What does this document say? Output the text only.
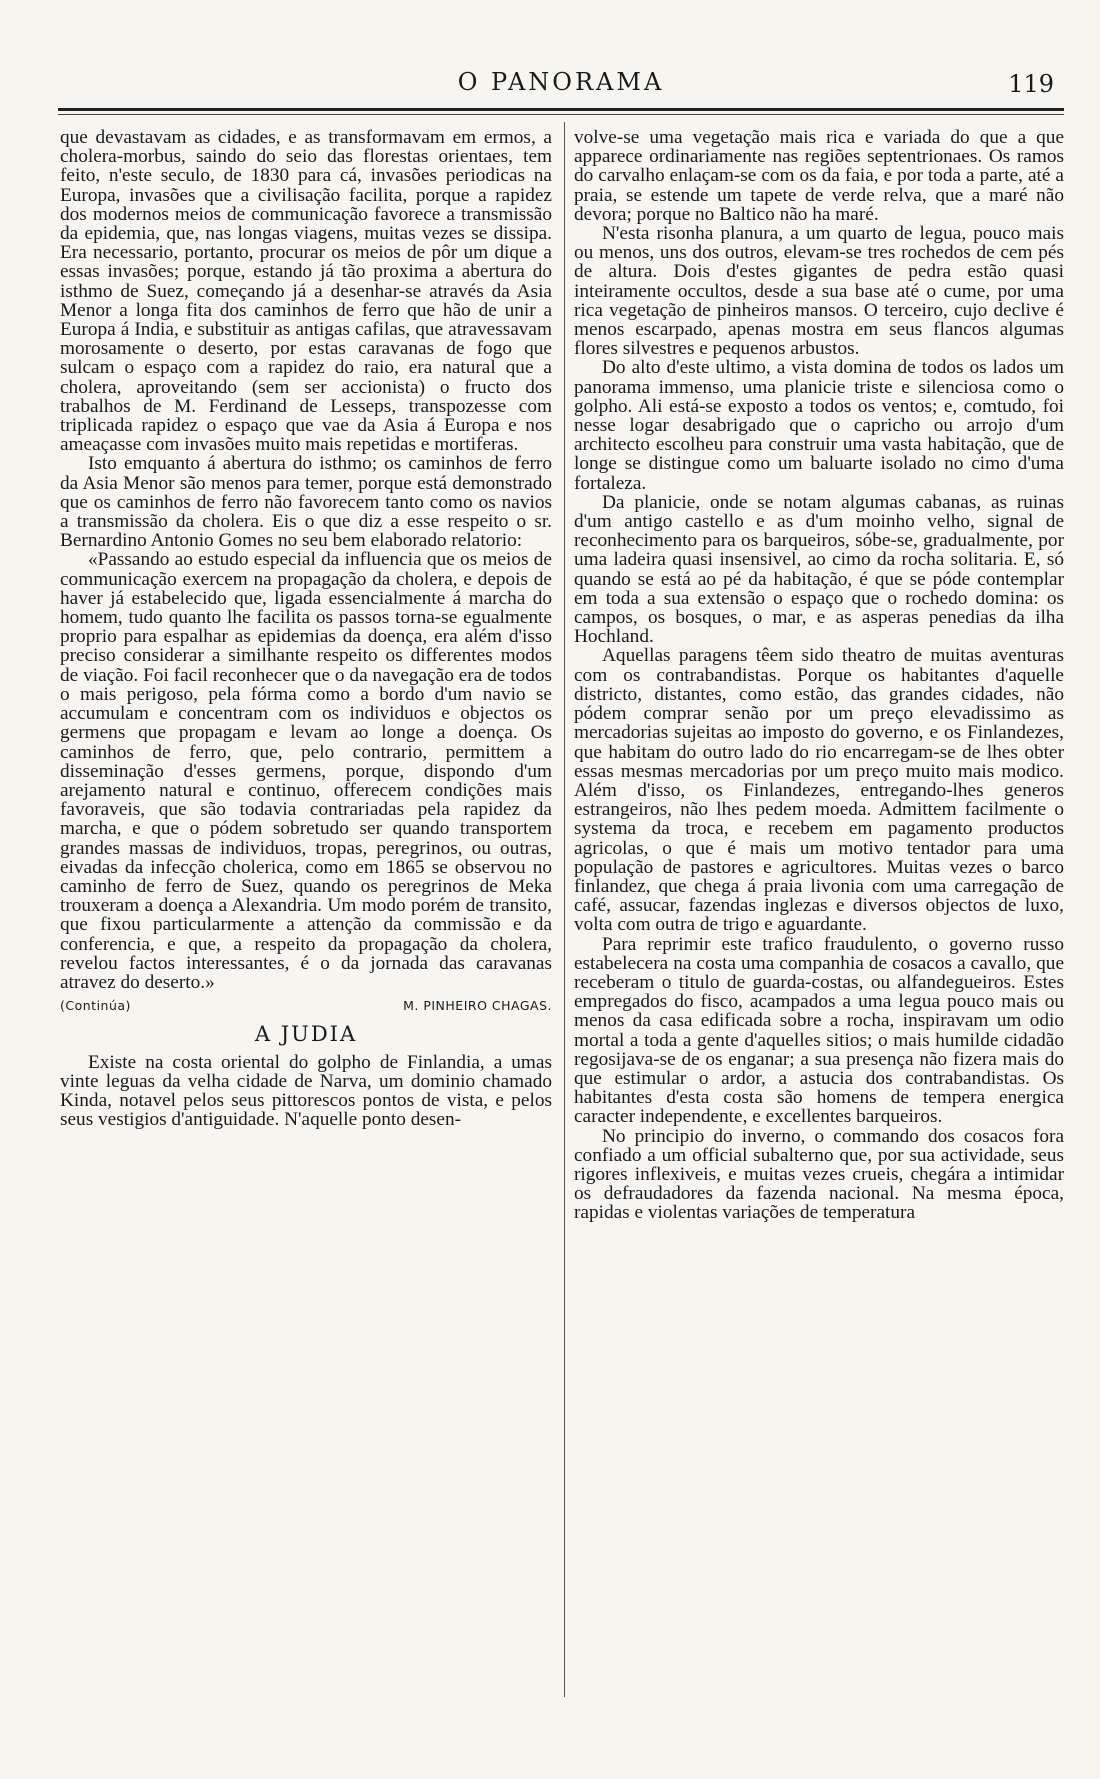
O PANORAMA	119

que devastavam as cidades, e as transformavam em ermos, a cholera-morbus, saindo do seio das florestas orientaes, tem feito, n'este seculo, de 1830 para cá, invasões periodicas na Europa, invasões que a civilisação facilita, porque a rapidez dos modernos meios de communicação favorece a transmissão da epidemia, que, nas longas viagens, muitas vezes se dissipa. Era necessario, portanto, procurar os meios de pôr um dique a essas invasões; porque, estando já tão proxima a abertura do isthmo de Suez, começando já a desenhar-se através da Asia Menor a longa fita dos caminhos de ferro que hão de unir a Europa á India, e substituir as antigas cafilas, que atravessavam morosamente o deserto, por estas caravanas de fogo que sulcam o espaço com a rapidez do raio, era natural que a cholera, aproveitando (sem ser accionista) o fructo dos trabalhos de M. Ferdinand de Lesseps, transpozesse com triplicada rapidez o espaço que vae da Asia á Europa e nos ameaçasse com invasões muito mais repetidas e mortiferas.

Isto emquanto á abertura do isthmo; os caminhos de ferro da Asia Menor são menos para temer, porque está demonstrado que os caminhos de ferro não favorecem tanto como os navios a transmissão da cholera. Eis o que diz a esse respeito o sr. Bernardino Antonio Gomes no seu bem elaborado relatorio:

«Passando ao estudo especial da influencia que os meios de communicação exercem na propagação da cholera, e depois de haver já estabelecido que, ligada essencialmente á marcha do homem, tudo quanto lhe facilita os passos torna-se egualmente proprio para espalhar as epidemias da doença, era além d'isso preciso considerar a similhante respeito os differentes modos de viação. Foi facil reconhecer que o da navegação era de todos o mais perigoso, pela fórma como a bordo d'um navio se accumulam e concentram com os individuos e objectos os germens que propagam e levam ao longe a doença. Os caminhos de ferro, que, pelo contrario, permittem a disseminação d'esses germens, porque, dispondo d'um arejamento natural e continuo, offerecem condições mais favoraveis, que são todavia contrariadas pela rapidez da marcha, e que o pódem sobretudo ser quando transportem grandes massas de individuos, tropas, peregrinos, ou outras, eivadas da infecção cholerica, como em 1865 se observou no caminho de ferro de Suez, quando os peregrinos de Meka trouxeram a doença a Alexandria. Um modo porém de transito, que fixou particularmente a attenção da commissão e da conferencia, e que, a respeito da propagação da cholera, revelou factos interessantes, é o da jornada das caravanas atravez do deserto.»

(Continúa)	M. PINHEIRO CHAGAS.
A JUDIA

Existe na costa oriental do golpho de Finlandia, a umas vinte leguas da velha cidade de Narva, um dominio chamado Kinda, notavel pelos seus pittorescos pontos de vista, e pelos seus vestigios d'antiguidade. N'aquelle ponto desen-

volve-se uma vegetação mais rica e variada do que a que apparece ordinariamente nas regiões septentrionaes. Os ramos do carvalho enlaçam-se com os da faia, e por toda a parte, até a praia, se estende um tapete de verde relva, que a maré não devora; porque no Baltico não ha maré.

N'esta risonha planura, a um quarto de legua, pouco mais ou menos, uns dos outros, elevam-se tres rochedos de cem pés de altura. Dois d'estes gigantes de pedra estão quasi inteiramente occultos, desde a sua base até o cume, por uma rica vegetação de pinheiros mansos. O terceiro, cujo declive é menos escarpado, apenas mostra em seus flancos algumas flores silvestres e pequenos arbustos.

Do alto d'este ultimo, a vista domina de todos os lados um panorama immenso, uma planicie triste e silenciosa como o golpho. Ali está-se exposto a todos os ventos; e, comtudo, foi nesse logar desabrigado que o capricho ou arrojo d'um architecto escolheu para construir uma vasta habitação, que de longe se distingue como um baluarte isolado no cimo d'uma fortaleza.

Da planicie, onde se notam algumas cabanas, as ruinas d'um antigo castello e as d'um moinho velho, signal de reconhecimento para os barqueiros, sóbe-se, gradualmente, por uma ladeira quasi insensivel, ao cimo da rocha solitaria. E, só quando se está ao pé da habitação, é que se póde contemplar em toda a sua extensão o espaço que o rochedo domina: os campos, os bosques, o mar, e as asperas penedias da ilha Hochland.

Aquellas paragens têem sido theatro de muitas aventuras com os contrabandistas. Porque os habitantes d'aquelle districto, distantes, como estão, das grandes cidades, não pódem comprar senão por um preço elevadissimo as mercadorias sujeitas ao imposto do governo, e os Finlandezes, que habitam do outro lado do rio encarregam-se de lhes obter essas mesmas mercadorias por um preço muito mais modico. Além d'isso, os Finlandezes, entregando-lhes generos estrangeiros, não lhes pedem moeda. Admittem facilmente o systema da troca, e recebem em pagamento productos agricolas, o que é mais um motivo tentador para uma população de pastores e agricultores. Muitas vezes o barco finlandez, que chega á praia livonia com uma carregação de café, assucar, fazendas inglezas e diversos objectos de luxo, volta com outra de trigo e aguardante.

Para reprimir este trafico fraudulento, o governo russo estabelecera na costa uma companhia de cosacos a cavallo, que receberam o titulo de guarda-costas, ou alfandegueiros. Estes empregados do fisco, acampados a uma legua pouco mais ou menos da casa edificada sobre a rocha, inspiravam um odio mortal a toda a gente d'aquelles sitios; o mais humilde cidadão regosijava-se de os enganar; a sua presença não fizera mais do que estimular o ardor, a astucia dos contrabandistas. Os habitantes d'esta costa são homens de tempera energica caracter independente, e excellentes barqueiros.

No principio do inverno, o commando dos cosacos fora confiado a um official subalterno que, por sua actividade, seus rigores inflexiveis, e muitas vezes crueis, chegára a intimidar os defraudadores da fazenda nacional. Na mesma época, rapidas e violentas variações de temperatura
